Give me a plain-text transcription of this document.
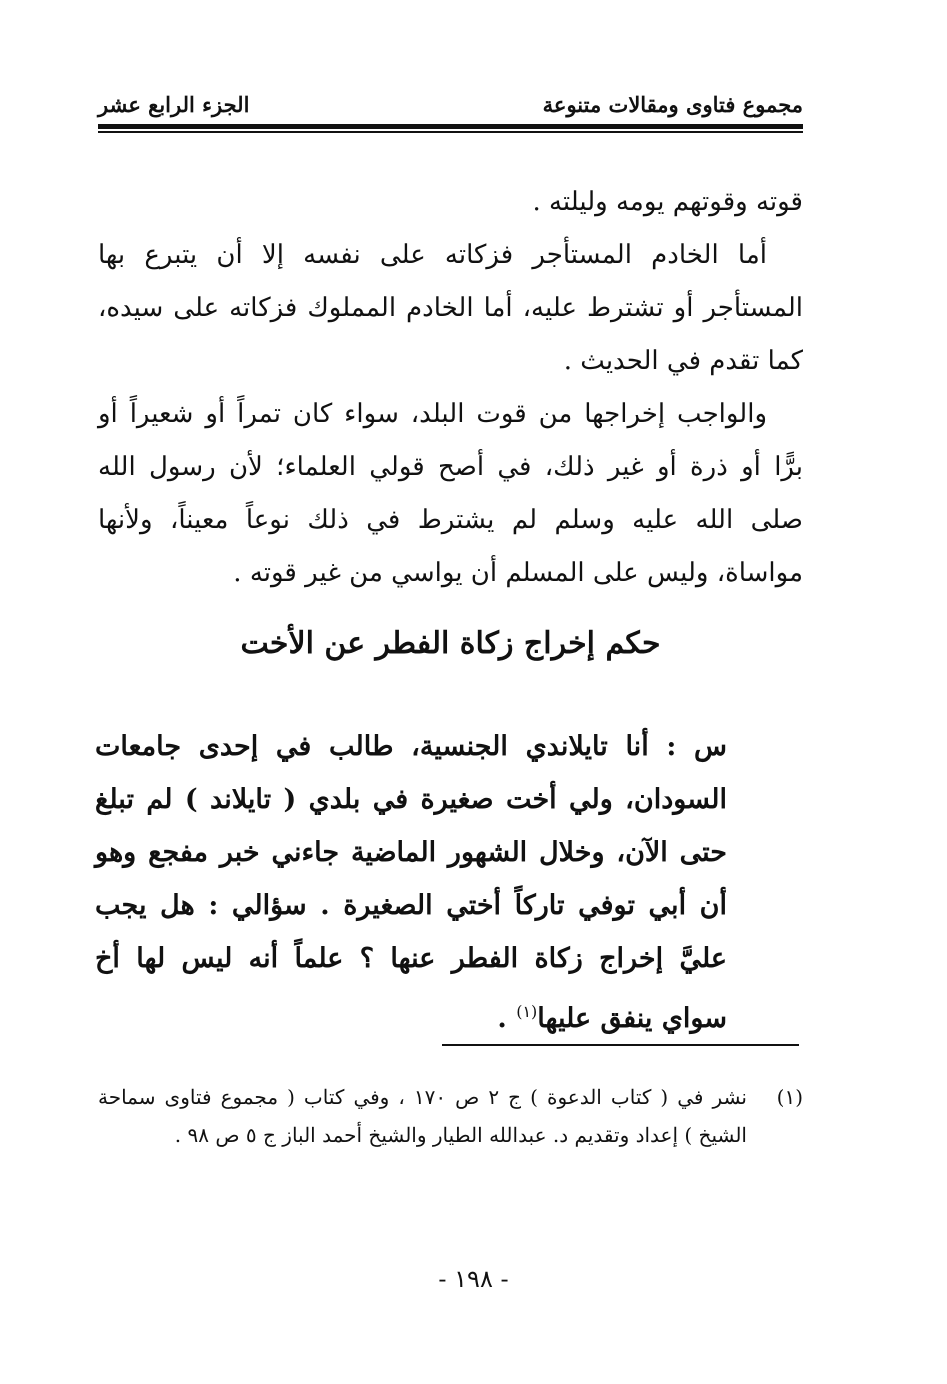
مجموع فتاوى ومقالات متنوعة
الجزء الرابع عشر
قوته وقوتهم يومه وليلته .
أما الخادم المستأجر فزكاته على نفسه إلا أن يتبرع بها المستأجر أو تشترط عليه، أما الخادم المملوك فزكاته على سيده، كما تقدم في الحديث .
والواجب إخراجها من قوت البلد، سواء كان تمراً أو شعيراً أو برًّا أو ذرة أو غير ذلك، في أصح قولي العلماء؛ لأن رسول الله صلى الله عليه وسلم لم يشترط في ذلك نوعاً معيناً، ولأنها مواساة، وليس على المسلم أن يواسي من غير قوته .
حكم إخراج زكاة الفطر عن الأخت
س : أنا تايلاندي الجنسية، طالب في إحدى جامعات السودان، ولي أخت صغيرة في بلدي ( تايلاند ) لم تبلغ حتى الآن، وخلال الشهور الماضية جاءني خبر مفجع وهو أن أبي توفي تاركاً أختي الصغيرة . سؤالي : هل يجب عليَّ إخراج زكاة الفطر عنها ؟ علماً أنه ليس لها أخ سواي ينفق عليها$^{(١)}$ .
(١)
نشر في ( كتاب الدعوة ) ج ٢ ص ١٧٠ ، وفي كتاب ( مجموع فتاوى سماحة الشيخ ) إعداد وتقديم د. عبدالله الطيار والشيخ أحمد الباز ج ٥ ص ٩٨ .
- ١٩٨ -
